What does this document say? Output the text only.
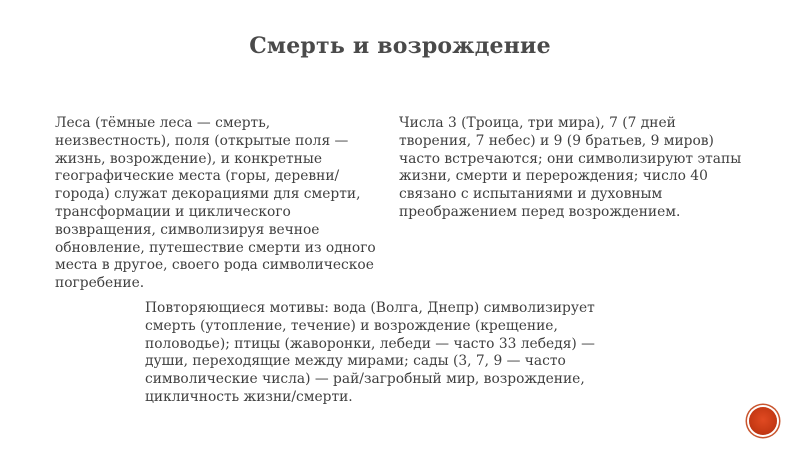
Смерть и возрождение
Леса (тёмные леса — смерть, неизвестность), поля (открытые поля — жизнь, возрождение), и конкретные географические места (горы, деревни/города) служат декорациями для смерти, трансформации и циклического возвращения, символизируя вечное обновление, путешествие смерти из одного места в другое, своего рода символическое погребение.
Числа 3 (Троица, три мира), 7 (7 дней творения, 7 небес) и 9 (9 братьев, 9 миров) часто встречаются; они символизируют этапы жизни, смерти и перерождения; число 40 связано с испытаниями и духовным преображением перед возрождением.
Повторяющиеся мотивы: вода (Волга, Днепр) символизирует смерть (утопление, течение) и возрождение (крещение, половодье); птицы (жаворонки, лебеди — часто 33 лебедя) — души, переходящие между мирами; сады (3, 7, 9 — часто символические числа) — рай/загробный мир, возрождение, цикличность жизни/смерти.
